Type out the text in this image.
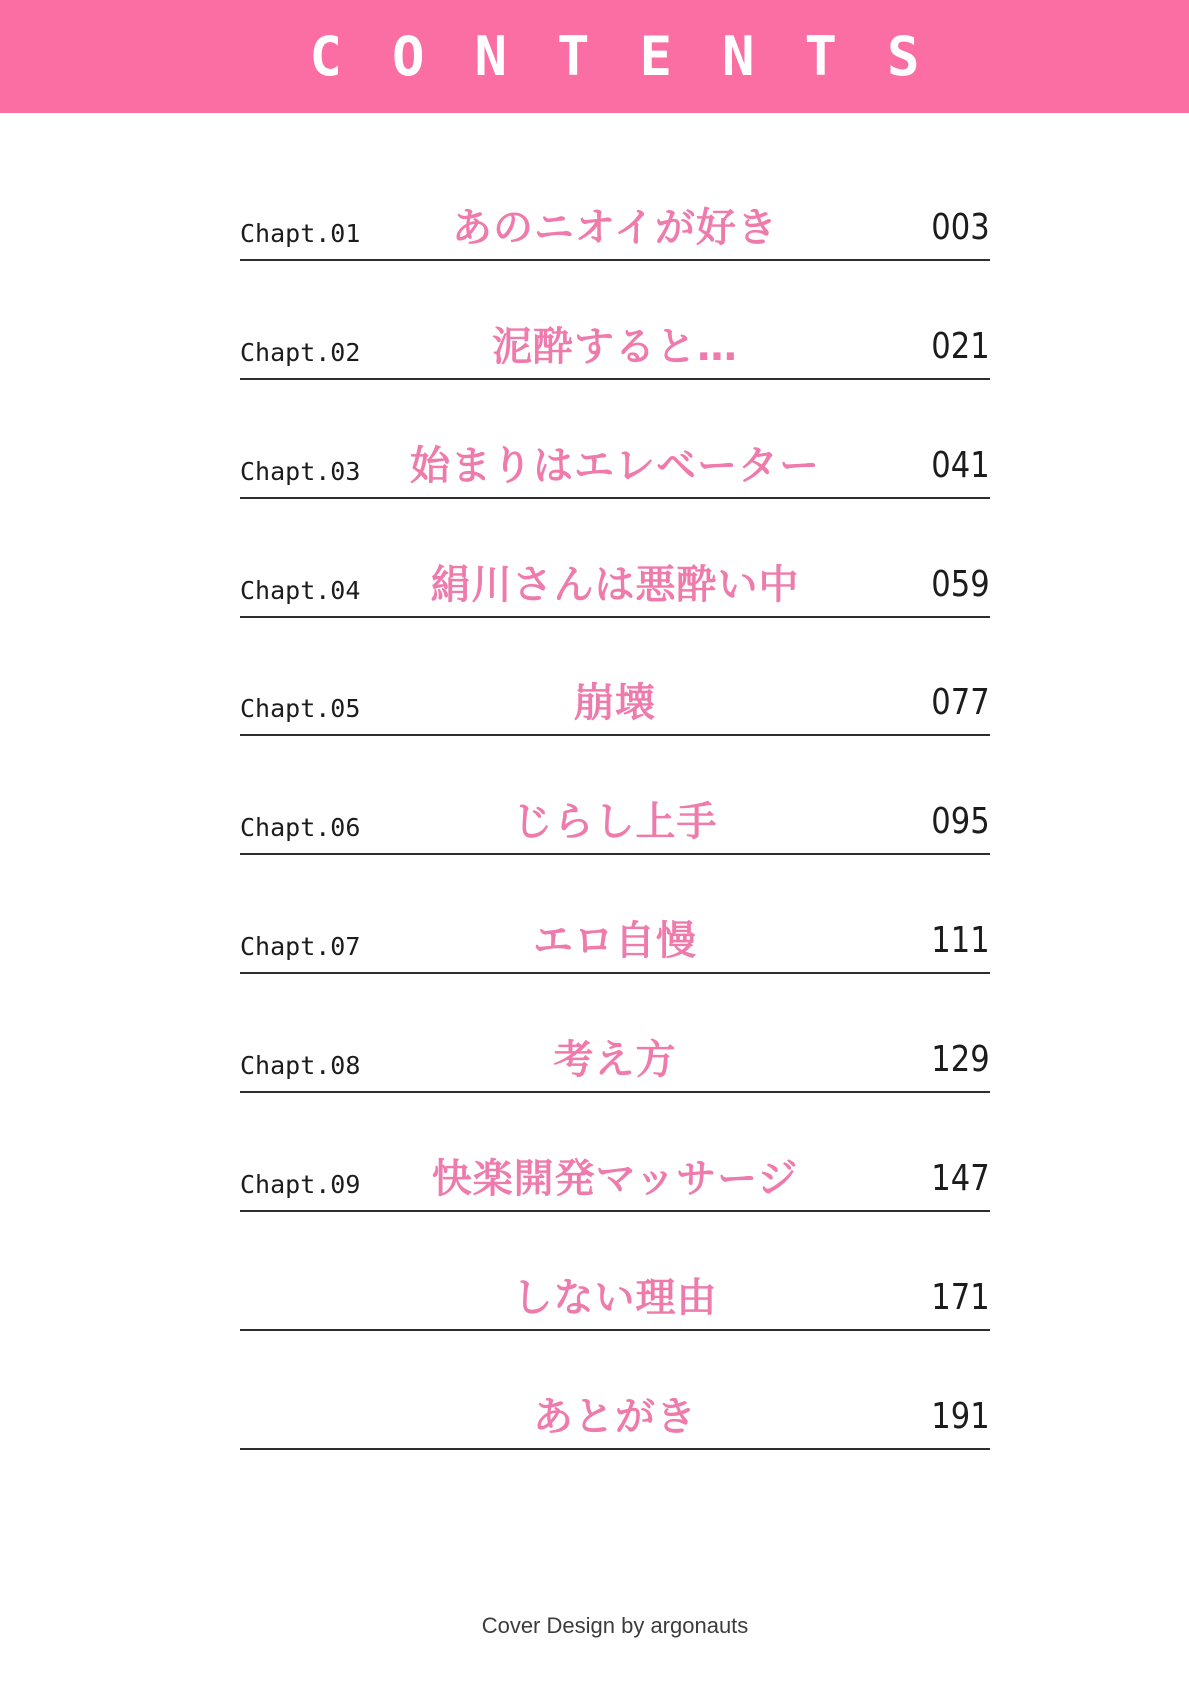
CONTENTS
Chapt.01	あのニオイが好き	003
Chapt.02	泥酔すると…	021
Chapt.03	始まりはエレベーター	041
Chapt.04	絹川さんは悪酔い中	059
Chapt.05	崩壊	077
Chapt.06	じらし上手	095
Chapt.07	エロ自慢	111
Chapt.08	考え方	129
Chapt.09	快楽開発マッサージ	147
しない理由	171
あとがき	191
Cover Design by argonauts
